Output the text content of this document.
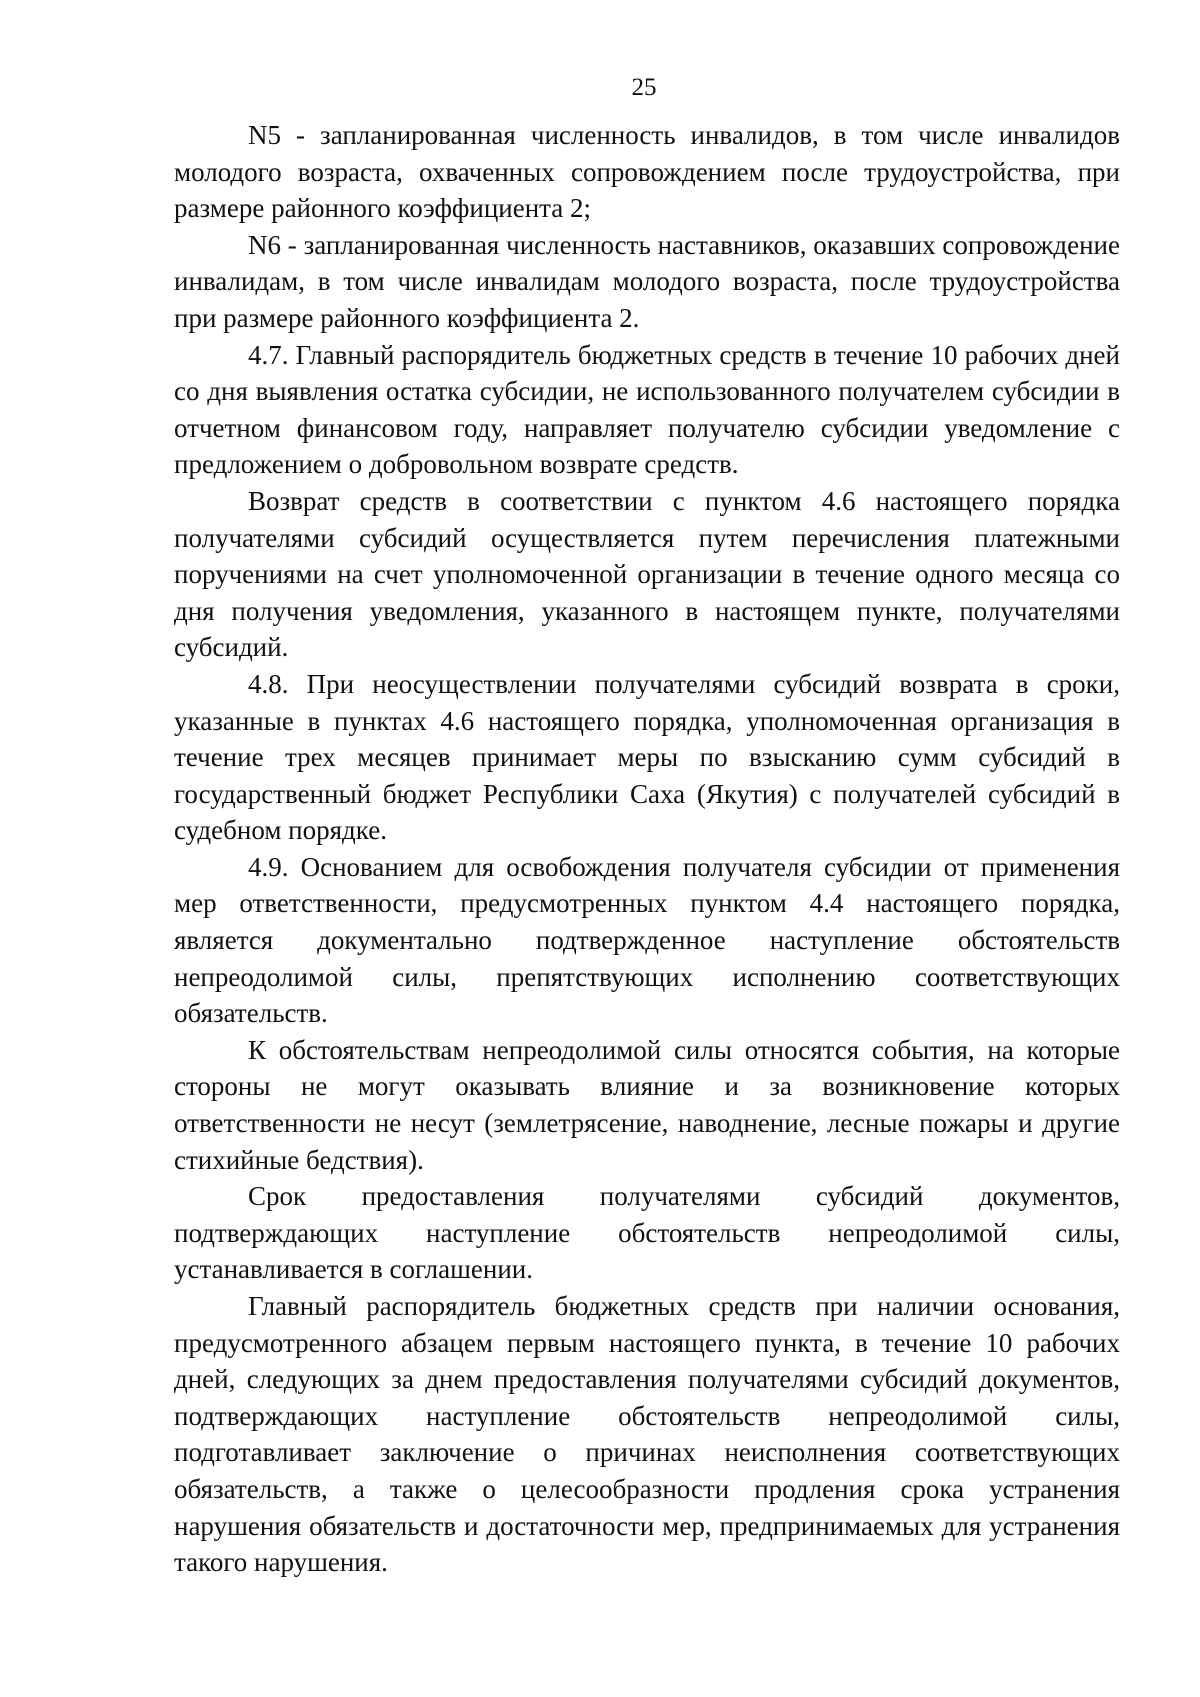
25

N5 - запланированная численность инвалидов, в том числе инвалидов молодого возраста, охваченных сопровождением после трудоустройства, при размере районного коэффициента 2;

N6 - запланированная численность наставников, оказавших сопровождение инвалидам, в том числе инвалидам молодого возраста, после трудоустройства при размере районного коэффициента 2.

4.7. Главный распорядитель бюджетных средств в течение 10 рабочих дней со дня выявления остатка субсидии, не использованного получателем субсидии в отчетном финансовом году, направляет получателю субсидии уведомление с предложением о добровольном возврате средств.

Возврат средств в соответствии с пунктом 4.6 настоящего порядка получателями субсидий осуществляется путем перечисления платежными поручениями на счет уполномоченной организации в течение одного месяца со дня получения уведомления, указанного в настоящем пункте, получателями субсидий.

4.8. При неосуществлении получателями субсидий возврата в сроки, указанные в пунктах 4.6 настоящего порядка, уполномоченная организация в течение трех месяцев принимает меры по взысканию сумм субсидий в государственный бюджет Республики Саха (Якутия) с получателей субсидий в судебном порядке.

4.9. Основанием для освобождения получателя субсидии от применения мер ответственности, предусмотренных пунктом 4.4 настоящего порядка, является документально подтвержденное наступление обстоятельств непреодолимой силы, препятствующих исполнению соответствующих обязательств.

К обстоятельствам непреодолимой силы относятся события, на которые стороны не могут оказывать влияние и за возникновение которых ответственности не несут (землетрясение, наводнение, лесные пожары и другие стихийные бедствия).

Срок предоставления получателями субсидий документов, подтверждающих наступление обстоятельств непреодолимой силы, устанавливается в соглашении.

Главный распорядитель бюджетных средств при наличии основания, предусмотренного абзацем первым настоящего пункта, в течение 10 рабочих дней, следующих за днем предоставления получателями субсидий документов, подтверждающих наступление обстоятельств непреодолимой силы, подготавливает заключение о причинах неисполнения соответствующих обязательств, а также о целесообразности продления срока устранения нарушения обязательств и достаточности мер, предпринимаемых для устранения такого нарушения.
